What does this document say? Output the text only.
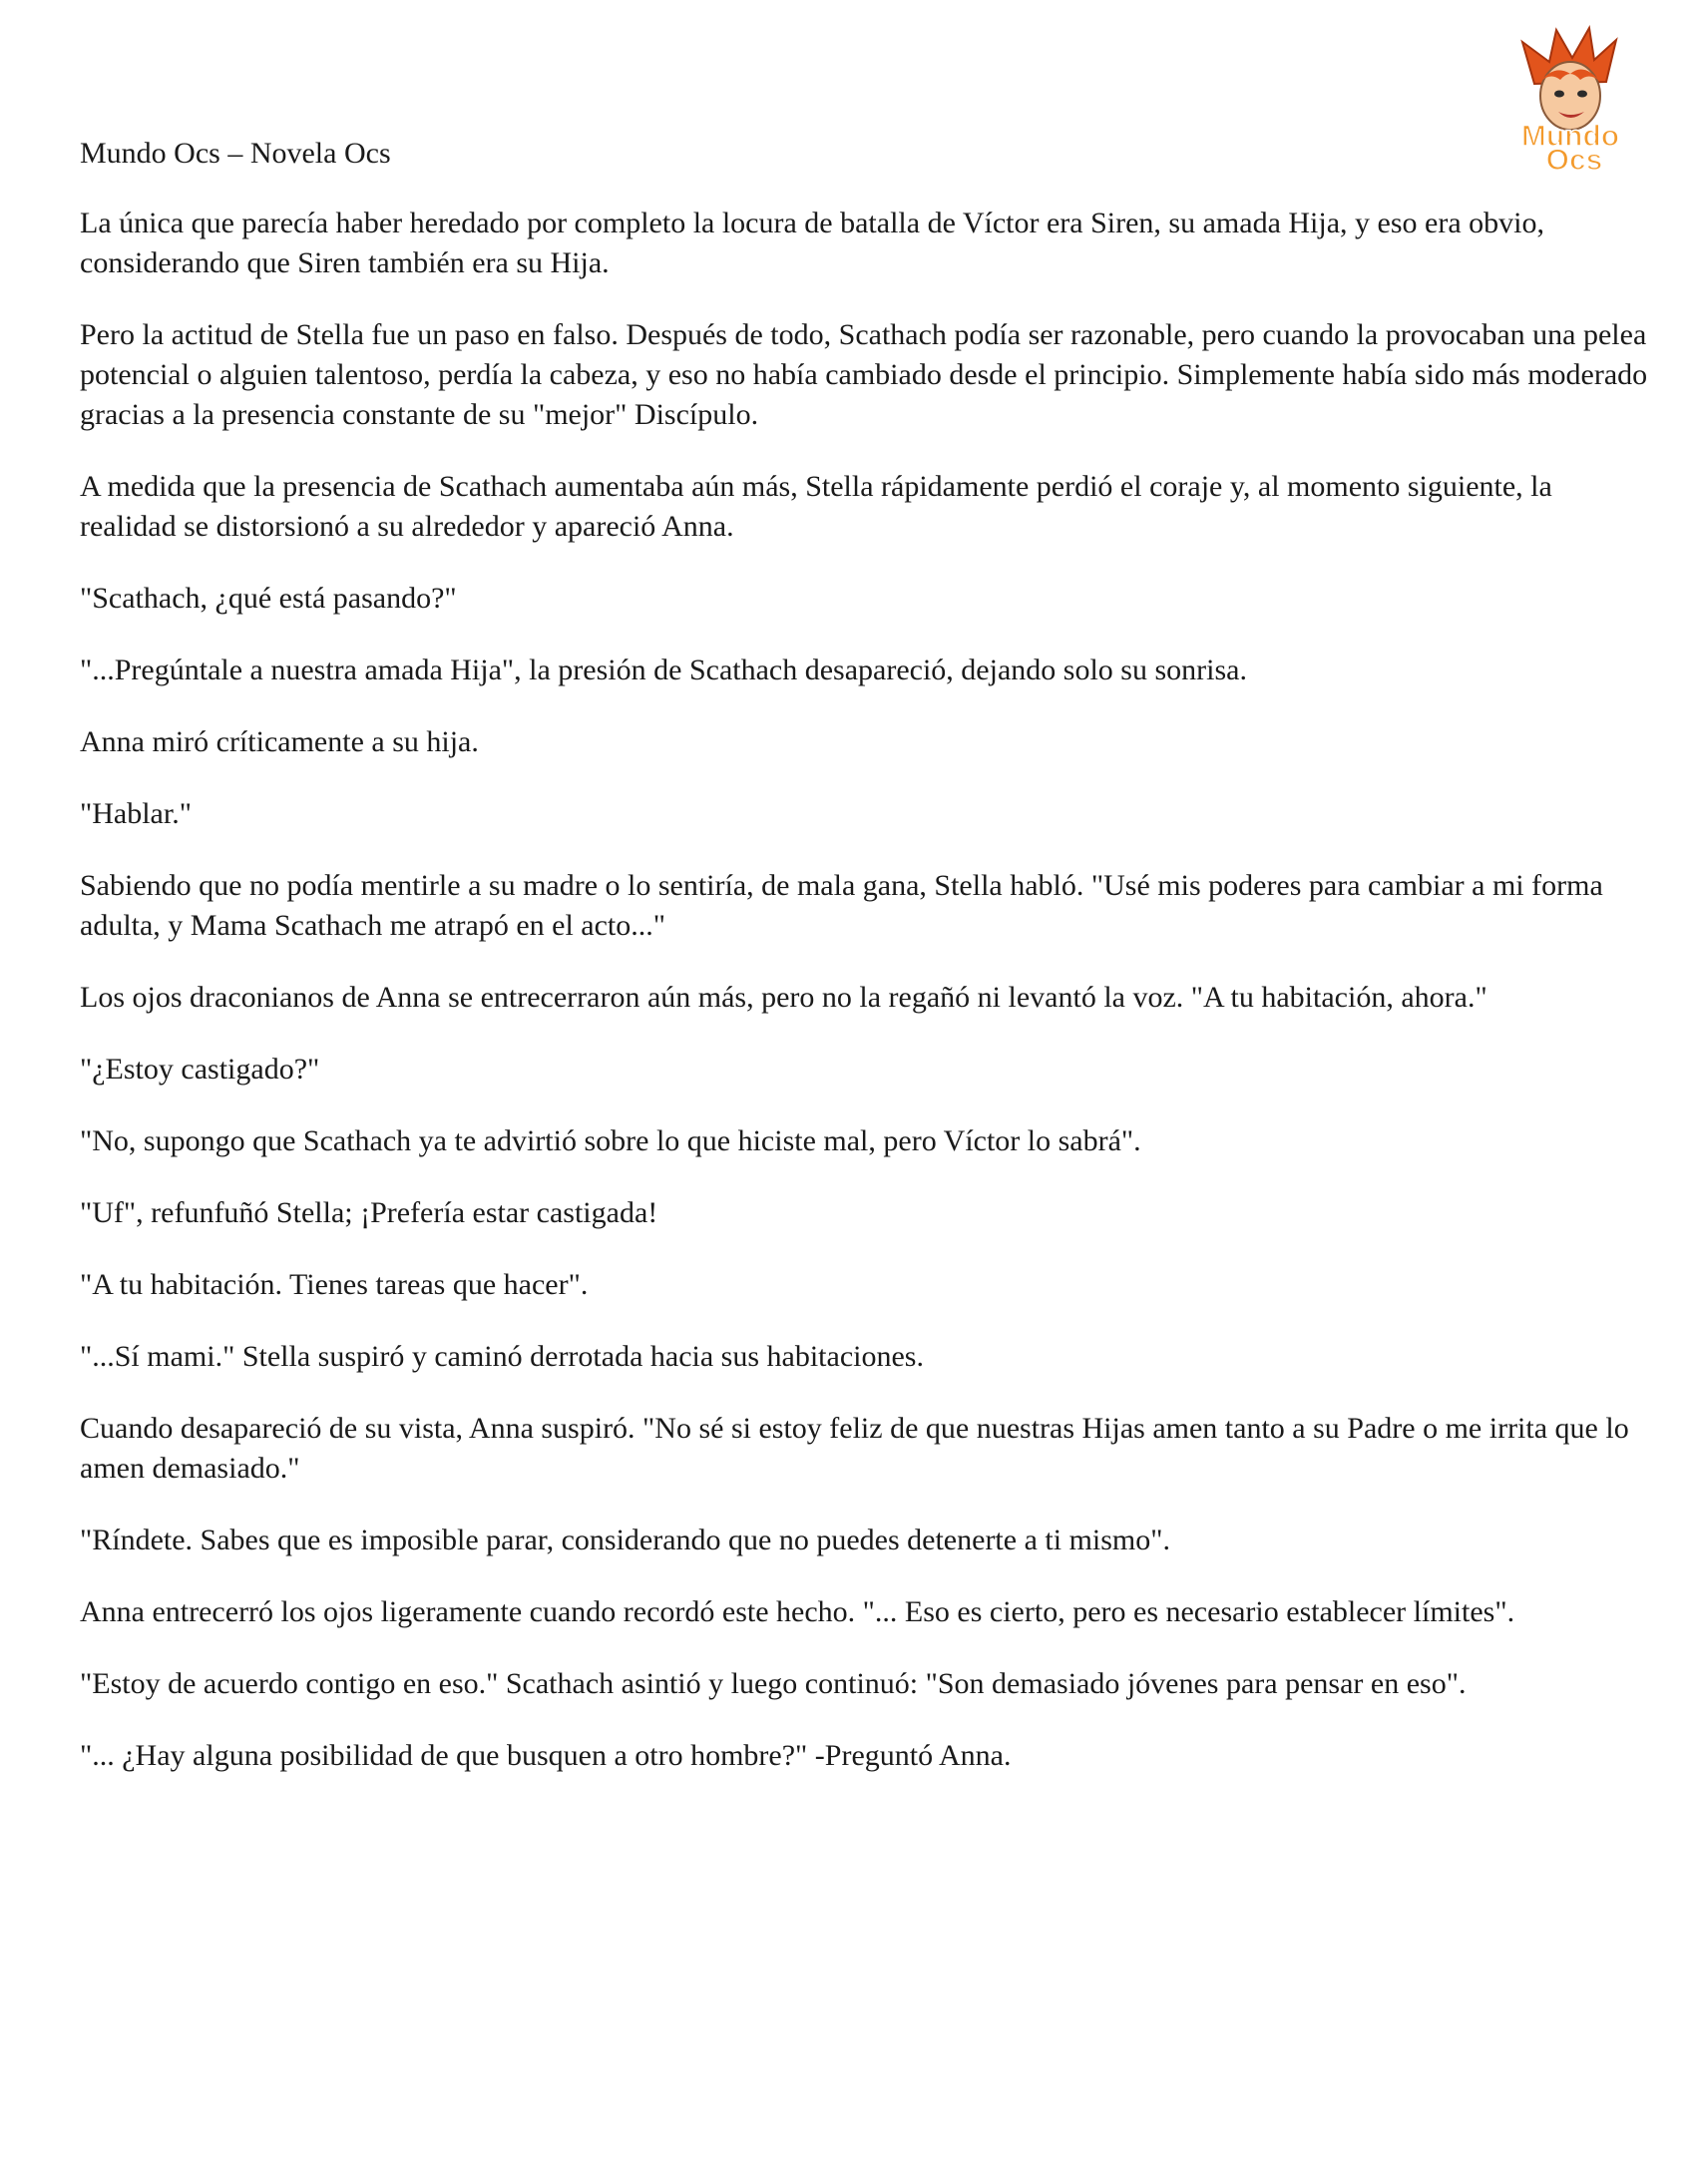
Mundo Ocs – Novela Ocs
Mundo
Ocs

La única que parecía haber heredado por completo la locura de batalla de Víctor era Siren, su amada Hija, y eso era obvio, considerando que Siren también era su Hija.

Pero la actitud de Stella fue un paso en falso. Después de todo, Scathach podía ser razonable, pero cuando la provocaban una pelea potencial o alguien talentoso, perdía la cabeza, y eso no había cambiado desde el principio. Simplemente había sido más moderado gracias a la presencia constante de su "mejor" Discípulo.

A medida que la presencia de Scathach aumentaba aún más, Stella rápidamente perdió el coraje y, al momento siguiente, la realidad se distorsionó a su alrededor y apareció Anna.

"Scathach, ¿qué está pasando?"

"...Pregúntale a nuestra amada Hija", la presión de Scathach desapareció, dejando solo su sonrisa.

Anna miró críticamente a su hija.

"Hablar."

Sabiendo que no podía mentirle a su madre o lo sentiría, de mala gana, Stella habló. "Usé mis poderes para cambiar a mi forma adulta, y Mama Scathach me atrapó en el acto..."

Los ojos draconianos de Anna se entrecerraron aún más, pero no la regañó ni levantó la voz. "A tu habitación, ahora."

"¿Estoy castigado?"

"No, supongo que Scathach ya te advirtió sobre lo que hiciste mal, pero Víctor lo sabrá".

"Uf", refunfuñó Stella; ¡Prefería estar castigada!

"A tu habitación. Tienes tareas que hacer".

"...Sí mami." Stella suspiró y caminó derrotada hacia sus habitaciones.

Cuando desapareció de su vista, Anna suspiró. "No sé si estoy feliz de que nuestras Hijas amen tanto a su Padre o me irrita que lo amen demasiado."

"Ríndete. Sabes que es imposible parar, considerando que no puedes detenerte a ti mismo".

Anna entrecerró los ojos ligeramente cuando recordó este hecho. "... Eso es cierto, pero es necesario establecer límites".

"Estoy de acuerdo contigo en eso." Scathach asintió y luego continuó: "Son demasiado jóvenes para pensar en eso".

"... ¿Hay alguna posibilidad de que busquen a otro hombre?" -Preguntó Anna.
